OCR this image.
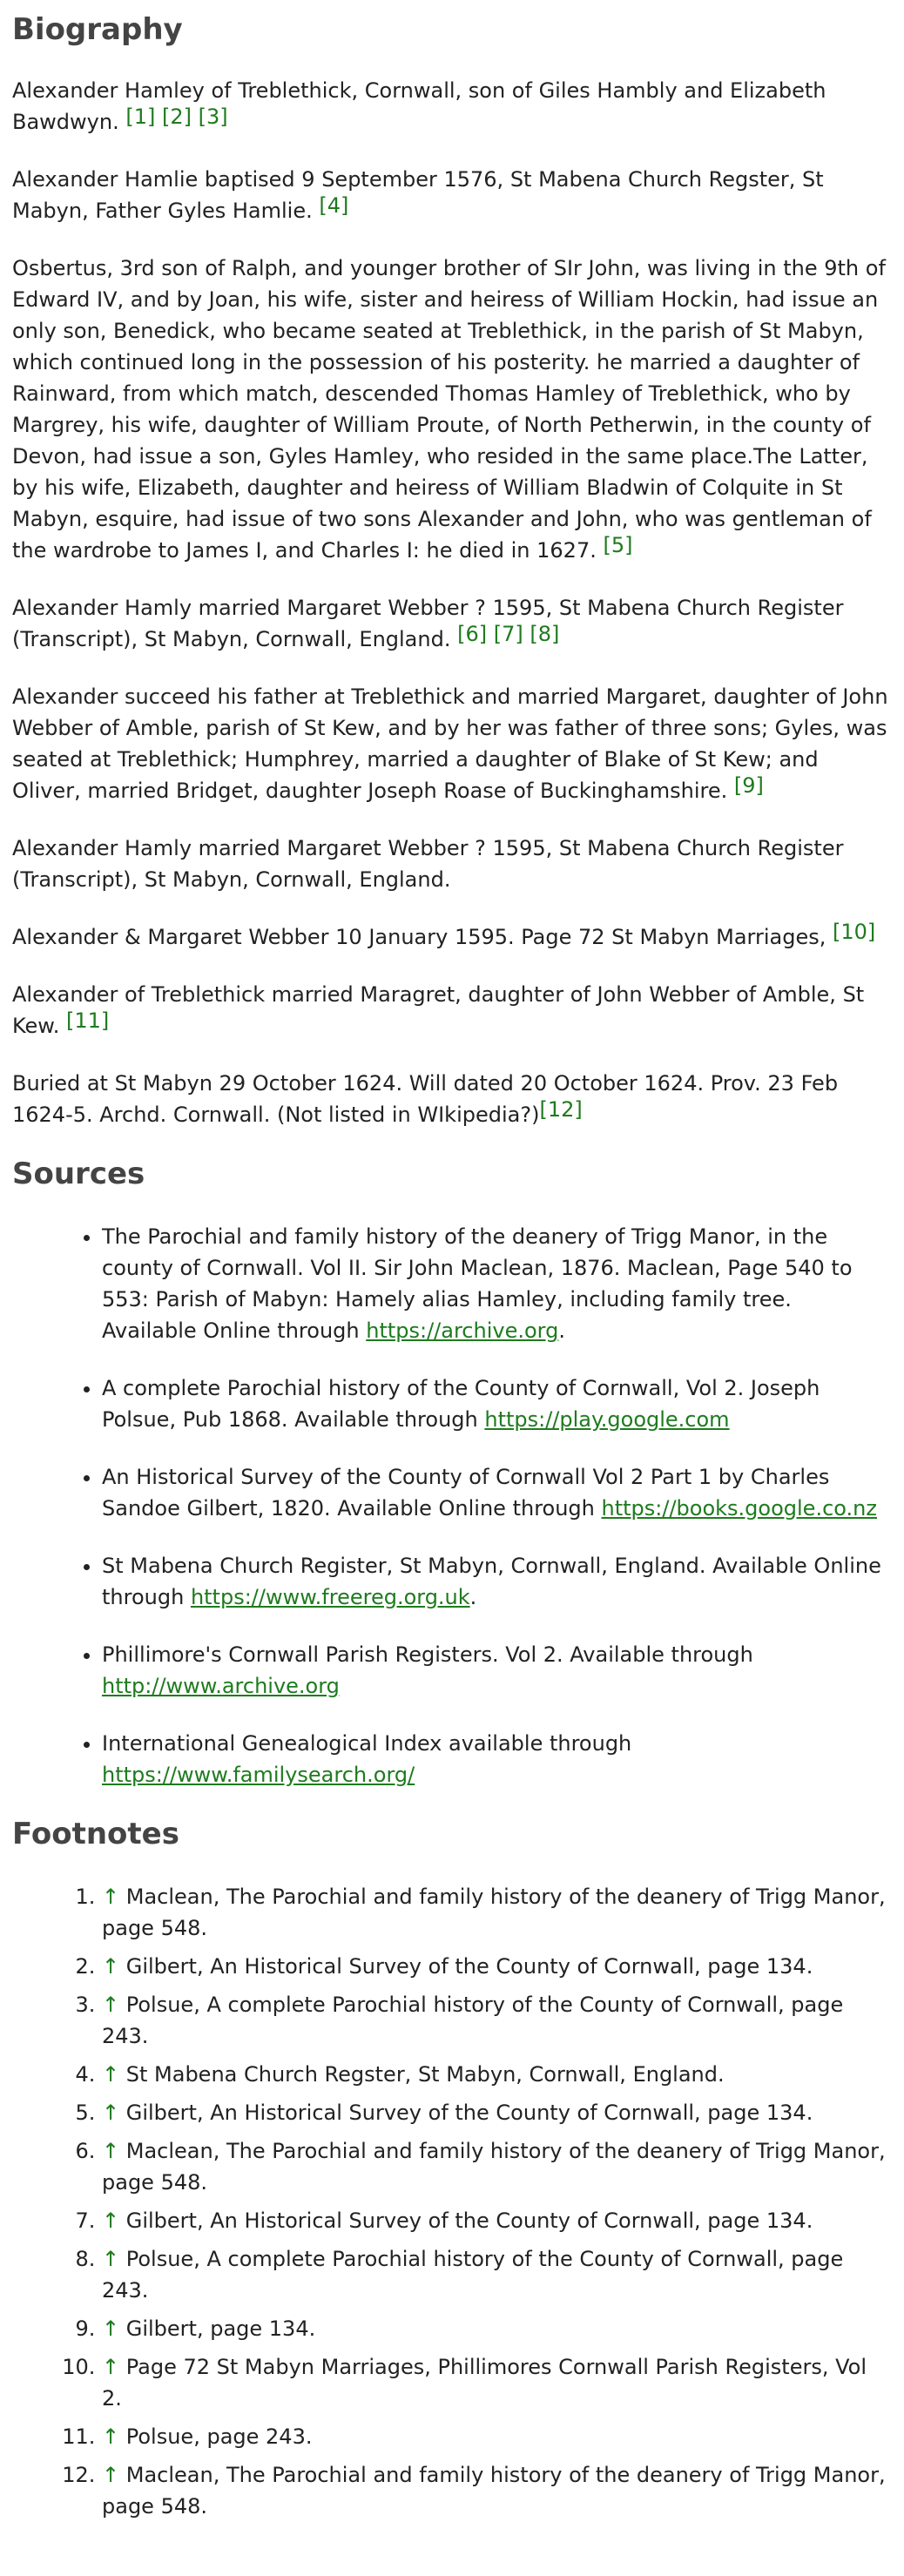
Biography

Alexander Hamley of Treblethick, Cornwall, son of Giles Hambly and Elizabeth Bawdwyn. [1] [2] [3]

Alexander Hamlie baptised 9 September 1576, St Mabena Church Regster, St Mabyn, Father Gyles Hamlie. [4]

Osbertus, 3rd son of Ralph, and younger brother of SIr John, was living in the 9th of Edward IV, and by Joan, his wife, sister and heiress of William Hockin, had issue an only son, Benedick, who became seated at Treblethick, in the parish of St Mabyn, which continued long in the possession of his posterity. he married a daughter of Rainward, from which match, descended Thomas Hamley of Treblethick, who by Margrey, his wife, daughter of William Proute, of North Petherwin, in the county of Devon, had issue a son, Gyles Hamley, who resided in the same place.The Latter, by his wife, Elizabeth, daughter and heiress of William Bladwin of Colquite in St Mabyn, esquire, had issue of two sons Alexander and John, who was gentleman of the wardrobe to James I, and Charles I: he died in 1627. [5]

Alexander Hamly married Margaret Webber ? 1595, St Mabena Church Register (Transcript), St Mabyn, Cornwall, England. [6] [7] [8]

Alexander succeed his father at Treblethick and married Margaret, daughter of John Webber of Amble, parish of St Kew, and by her was father of three sons; Gyles, was seated at Treblethick; Humphrey, married a daughter of Blake of St Kew; and Oliver, married Bridget, daughter Joseph Roase of Buckinghamshire. [9]

Alexander Hamly married Margaret Webber ? 1595, St Mabena Church Register (Transcript), St Mabyn, Cornwall, England.

Alexander & Margaret Webber 10 January 1595. Page 72 St Mabyn Marriages, [10]

Alexander of Treblethick married Maragret, daughter of John Webber of Amble, St Kew. [11]

Buried at St Mabyn 29 October 1624. Will dated 20 October 1624. Prov. 23 Feb 1624-5. Archd. Cornwall. (Not listed in WIkipedia?)[12]

Sources
• The Parochial and family history of the deanery of Trigg Manor, in the county of Cornwall. Vol II. Sir John Maclean, 1876. Maclean, Page 540 to 553: Parish of Mabyn: Hamely alias Hamley, including family tree. Available Online through https://archive.org.
• A complete Parochial history of the County of Cornwall, Vol 2. Joseph Polsue, Pub 1868. Available through https://play.google.com
• An Historical Survey of the County of Cornwall Vol 2 Part 1 by Charles Sandoe Gilbert, 1820. Available Online through https://books.google.co.nz
• St Mabena Church Register, St Mabyn, Cornwall, England. Available Online through https://www.freereg.org.uk.
• Phillimore's Cornwall Parish Registers. Vol 2. Available through http://www.archive.org
• International Genealogical Index available through https://www.familysearch.org/
Footnotes
1. ↑ Maclean, The Parochial and family history of the deanery of Trigg Manor, page 548.
2. ↑ Gilbert, An Historical Survey of the County of Cornwall, page 134.
3. ↑ Polsue, A complete Parochial history of the County of Cornwall, page 243.
4. ↑ St Mabena Church Regster, St Mabyn, Cornwall, England.
5. ↑ Gilbert, An Historical Survey of the County of Cornwall, page 134.
6. ↑ Maclean, The Parochial and family history of the deanery of Trigg Manor, page 548.
7. ↑ Gilbert, An Historical Survey of the County of Cornwall, page 134.
8. ↑ Polsue, A complete Parochial history of the County of Cornwall, page 243.
9. ↑ Gilbert, page 134.
10. ↑ Page 72 St Mabyn Marriages, Phillimores Cornwall Parish Registers, Vol 2.
11. ↑ Polsue, page 243.
12. ↑ Maclean, The Parochial and family history of the deanery of Trigg Manor, page 548.
